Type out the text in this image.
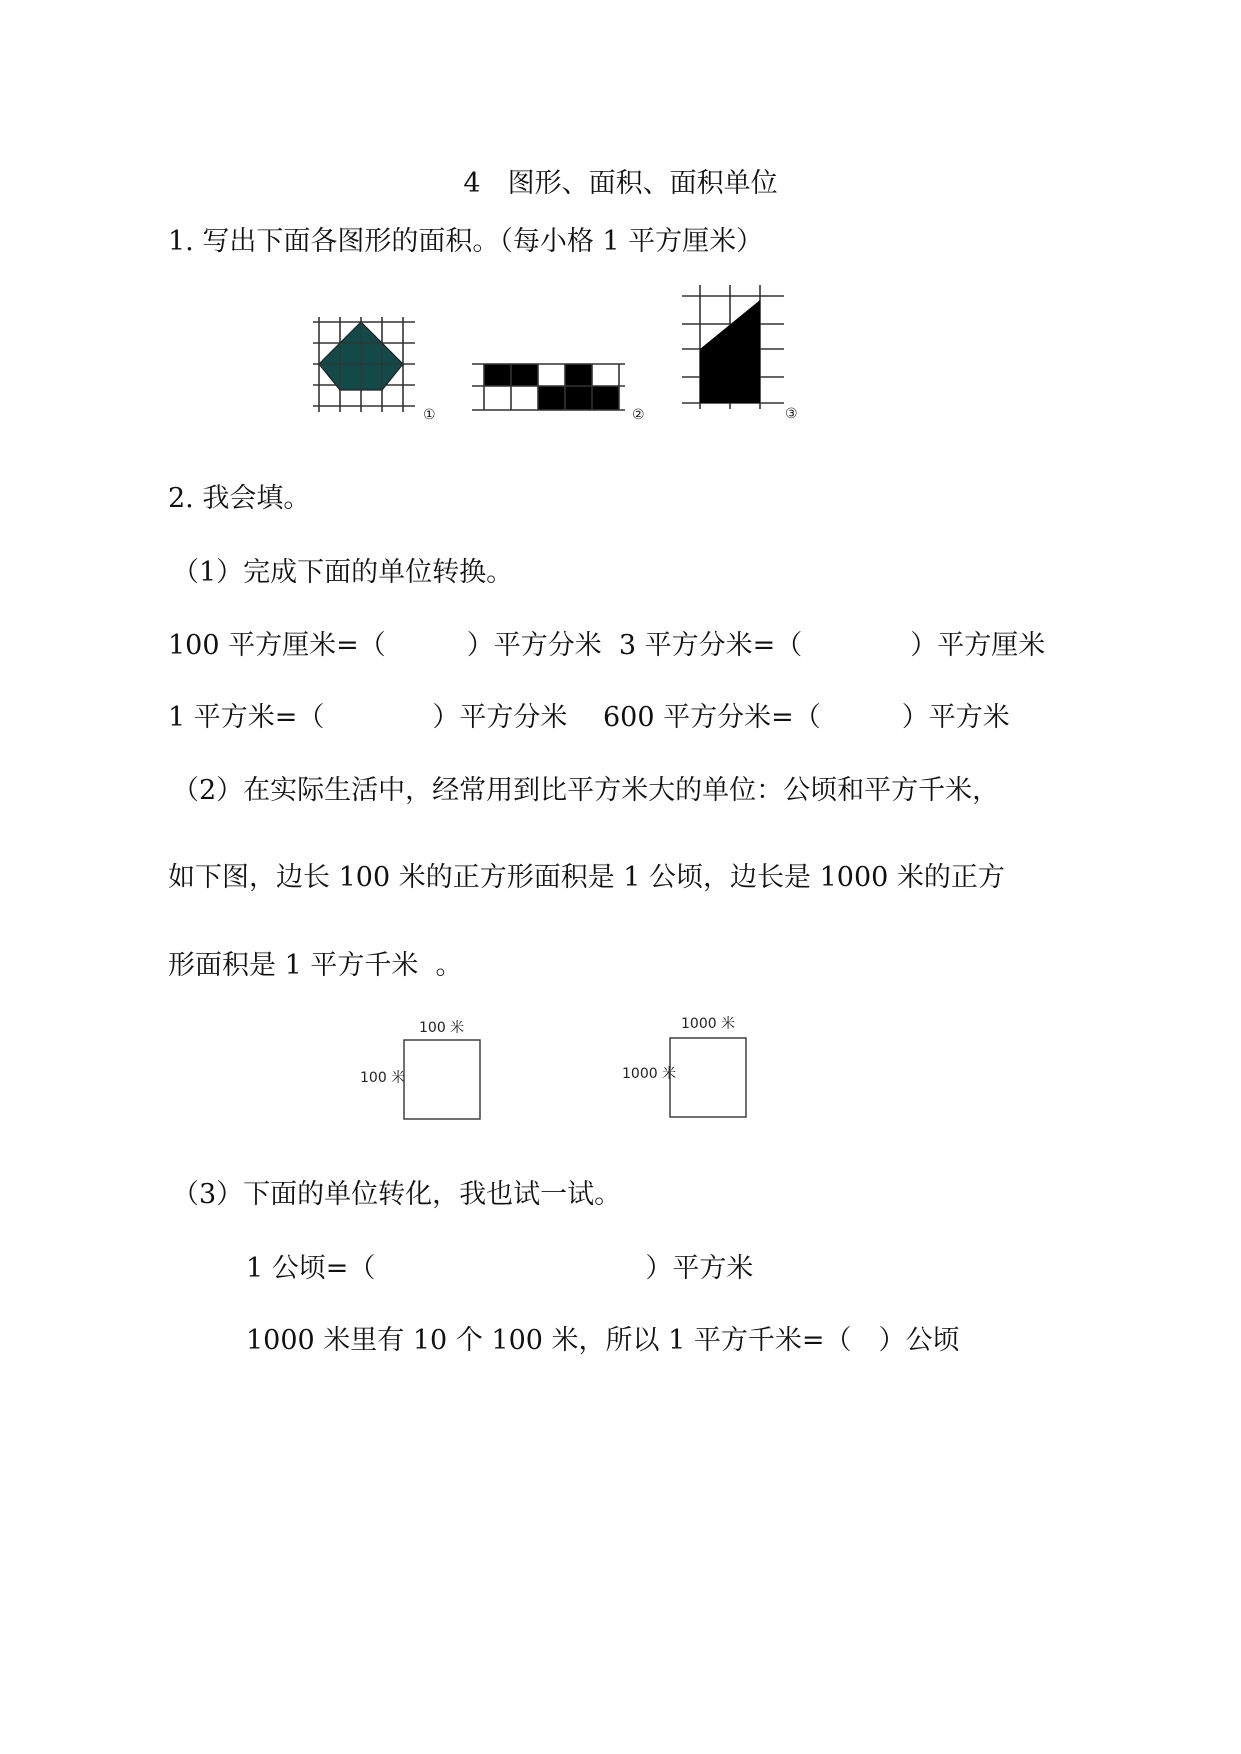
4　图形、面积、面积单位
1. 写出下面各图形的面积。（每小格 1 平方厘米）
①	②	③
2. 我会填。
（1）完成下面的单位转换。
100 平方厘米=（　　　）平方分米  3 平方分米=（　　　　）平方厘米
1 平方米=（　　　　）平方分米　 600 平方分米=（　　　）平方米
（2）在实际生活中，经常用到比平方米大的单位：公顷和平方千米，
如下图，边长 100 米的正方形面积是 1 公顷，边长是 1000 米的正方
形面积是 1 平方千米  。
100 米
100 米
1000 米
1000 米
（3）下面的单位转化，我也试一试。
1 公顷=（　　　　　　　　　　）平方米
1000 米里有 10 个 100 米，所以 1 平方千米=（　）公顷
